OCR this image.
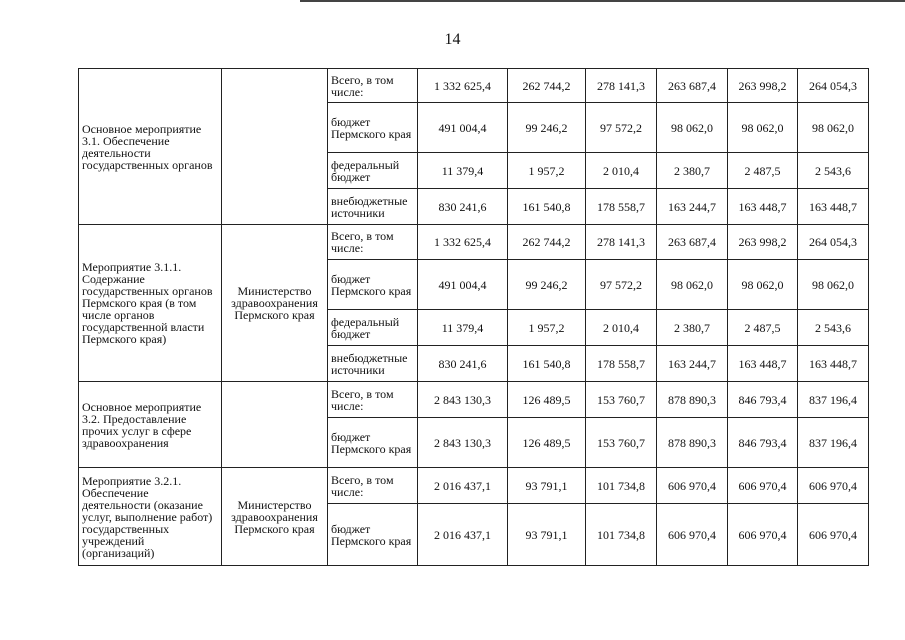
14
Основное мероприятие 3.1. Обеспечение деятельности государственных органов		Всего, в том числе:	1 332 625,4	262 744,2	278 141,3	263 687,4	263 998,2	264 054,3
		бюджет Пермского края	491 004,4	99 246,2	97 572,2	98 062,0	98 062,0	98 062,0
		федеральный бюджет	11 379,4	1 957,2	2 010,4	2 380,7	2 487,5	2 543,6
		внебюджетные источники	830 241,6	161 540,8	178 558,7	163 244,7	163 448,7	163 448,7
Мероприятие 3.1.1. Содержание государственных органов Пермского края (в том числе органов государственной власти Пермского края)	Министерство здравоохранения Пермского края	Всего, в том числе:	1 332 625,4	262 744,2	278 141,3	263 687,4	263 998,2	264 054,3
		бюджет Пермского края	491 004,4	99 246,2	97 572,2	98 062,0	98 062,0	98 062,0
		федеральный бюджет	11 379,4	1 957,2	2 010,4	2 380,7	2 487,5	2 543,6
		внебюджетные источники	830 241,6	161 540,8	178 558,7	163 244,7	163 448,7	163 448,7
Основное мероприятие 3.2. Предоставление прочих услуг в сфере здравоохранения		Всего, в том числе:	2 843 130,3	126 489,5	153 760,7	878 890,3	846 793,4	837 196,4
		бюджет Пермского края	2 843 130,3	126 489,5	153 760,7	878 890,3	846 793,4	837 196,4
Мероприятие 3.2.1. Обеспечение деятельности (оказание услуг, выполнение работ) государственных учреждений (организаций)	Министерство здравоохранения Пермского края	Всего, в том числе:	2 016 437,1	93 791,1	101 734,8	606 970,4	606 970,4	606 970,4
		бюджет Пермского края	2 016 437,1	93 791,1	101 734,8	606 970,4	606 970,4	606 970,4
